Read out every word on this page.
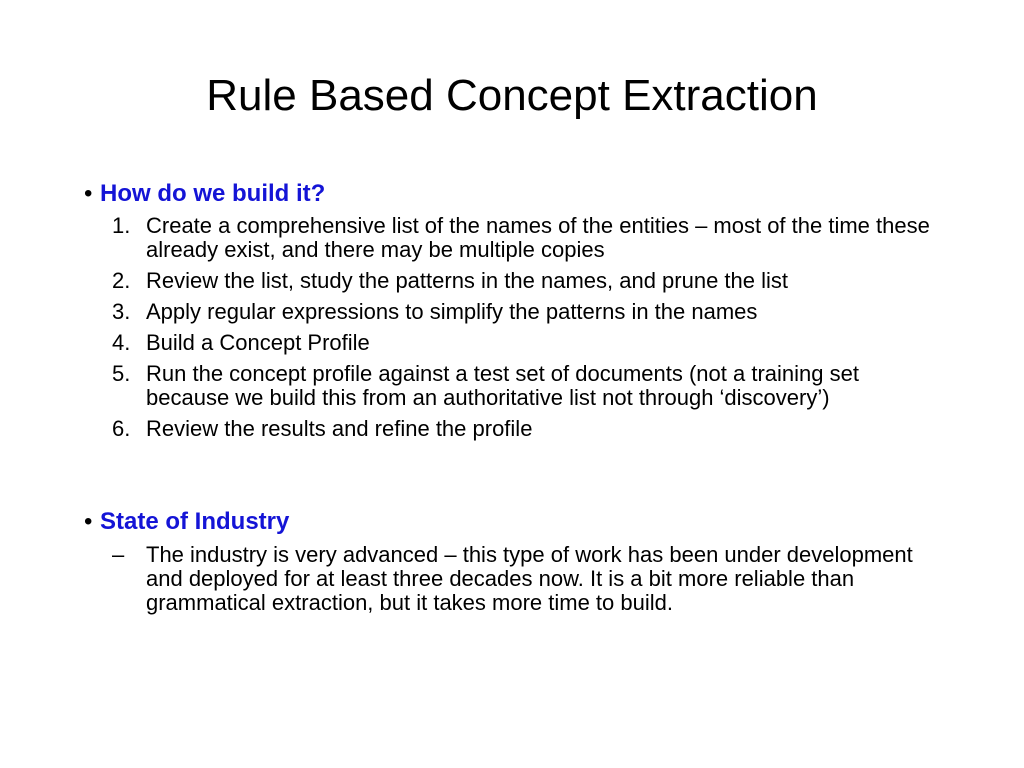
Rule Based Concept Extraction
• How do we build it?
1. Create a comprehensive list of the names of the entities – most of the time these already exist, and there may be multiple copies
2. Review the list, study the patterns in the names, and prune the list
3. Apply regular expressions to simplify the patterns in the names
4. Build a Concept Profile
5. Run the concept profile against a test set of documents (not a training set because we build this from an authoritative list not through ‘discovery’)
6. Review the results and refine the profile
• State of Industry
– The industry is very advanced – this type of work has been under development and deployed for at least three decades now. It is a bit more reliable than grammatical extraction, but it takes more time to build.
